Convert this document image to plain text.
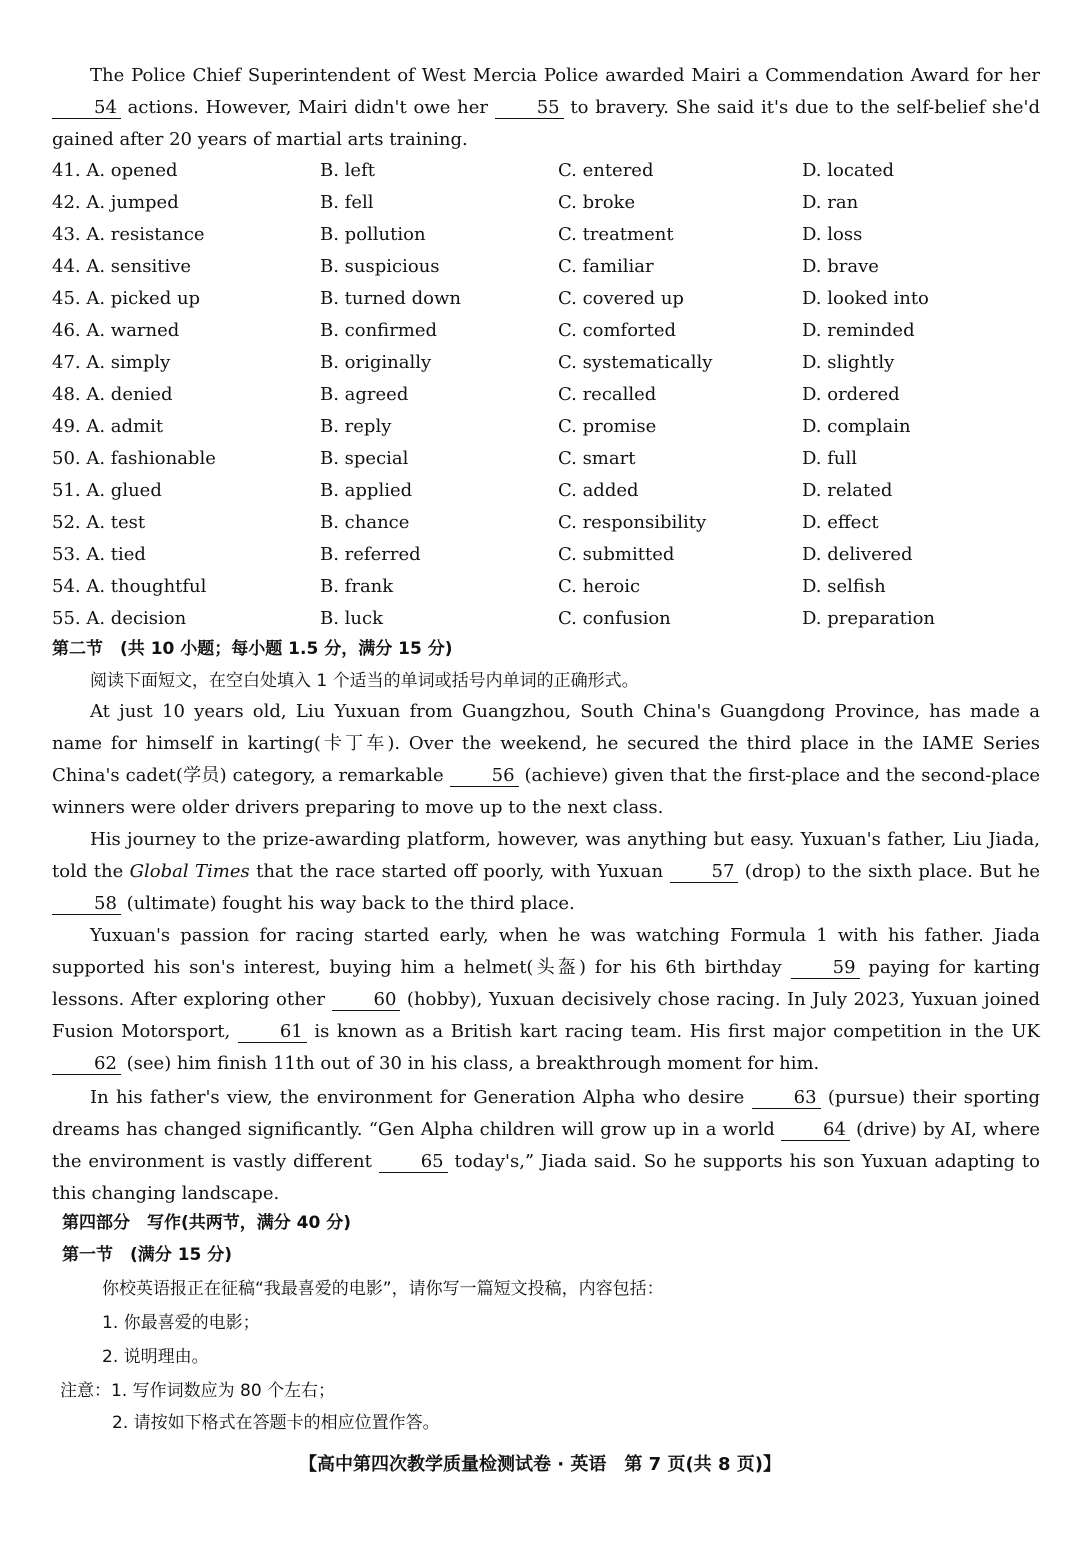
The Police Chief Superintendent of West Mercia Police awarded Mairi a Commendation Award for her 54 actions. However, Mairi didn't owe her 55 to bravery. She said it's due to the self-belief she'd gained after 20 years of martial arts training.
41. A. opened	B. left	C. entered	D. located
42. A. jumped	B. fell	C. broke	D. ran
43. A. resistance	B. pollution	C. treatment	D. loss
44. A. sensitive	B. suspicious	C. familiar	D. brave
45. A. picked up	B. turned down	C. covered up	D. looked into
46. A. warned	B. confirmed	C. comforted	D. reminded
47. A. simply	B. originally	C. systematically	D. slightly
48. A. denied	B. agreed	C. recalled	D. ordered
49. A. admit	B. reply	C. promise	D. complain
50. A. fashionable	B. special	C. smart	D. full
51. A. glued	B. applied	C. added	D. related
52. A. test	B. chance	C. responsibility	D. effect
53. A. tied	B. referred	C. submitted	D. delivered
54. A. thoughtful	B. frank	C. heroic	D. selfish
55. A. decision	B. luck	C. confusion	D. preparation
第二节　(共 10 小题；每小题 1.5 分，满分 15 分)
阅读下面短文，在空白处填入 1 个适当的单词或括号内单词的正确形式。
At just 10 years old, Liu Yuxuan from Guangzhou, South China's Guangdong Province, has made a name for himself in karting(卡丁车). Over the weekend, he secured the third place in the IAME Series China's cadet(学员) category, a remarkable 56 (achieve) given that the first-place and the second-place winners were older drivers preparing to move up to the next class.
His journey to the prize-awarding platform, however, was anything but easy. Yuxuan's father, Liu Jiada, told the Global Times that the race started off poorly, with Yuxuan 57 (drop) to the sixth place. But he 58 (ultimate) fought his way back to the third place.
Yuxuan's passion for racing started early, when he was watching Formula 1 with his father. Jiada supported his son's interest, buying him a helmet(头盔) for his 6th birthday 59 paying for karting lessons. After exploring other 60 (hobby), Yuxuan decisively chose racing. In July 2023, Yuxuan joined Fusion Motorsport, 61 is known as a British kart racing team. His first major competition in the UK 62 (see) him finish 11th out of 30 in his class, a breakthrough moment for him.
In his father's view, the environment for Generation Alpha who desire 63 (pursue) their sporting dreams has changed significantly. “Gen Alpha children will grow up in a world 64 (drive) by AI, where the environment is vastly different 65 today's,” Jiada said. So he supports his son Yuxuan adapting to this changing landscape.
第四部分　写作(共两节，满分 40 分)
第一节　(满分 15 分)
你校英语报正在征稿“我最喜爱的电影”，请你写一篇短文投稿，内容包括：
1. 你最喜爱的电影；
2. 说明理由。
注意：1. 写作词数应为 80 个左右；
2. 请按如下格式在答题卡的相应位置作答。
【高中第四次教学质量检测试卷 · 英语　第 7 页(共 8 页)】
